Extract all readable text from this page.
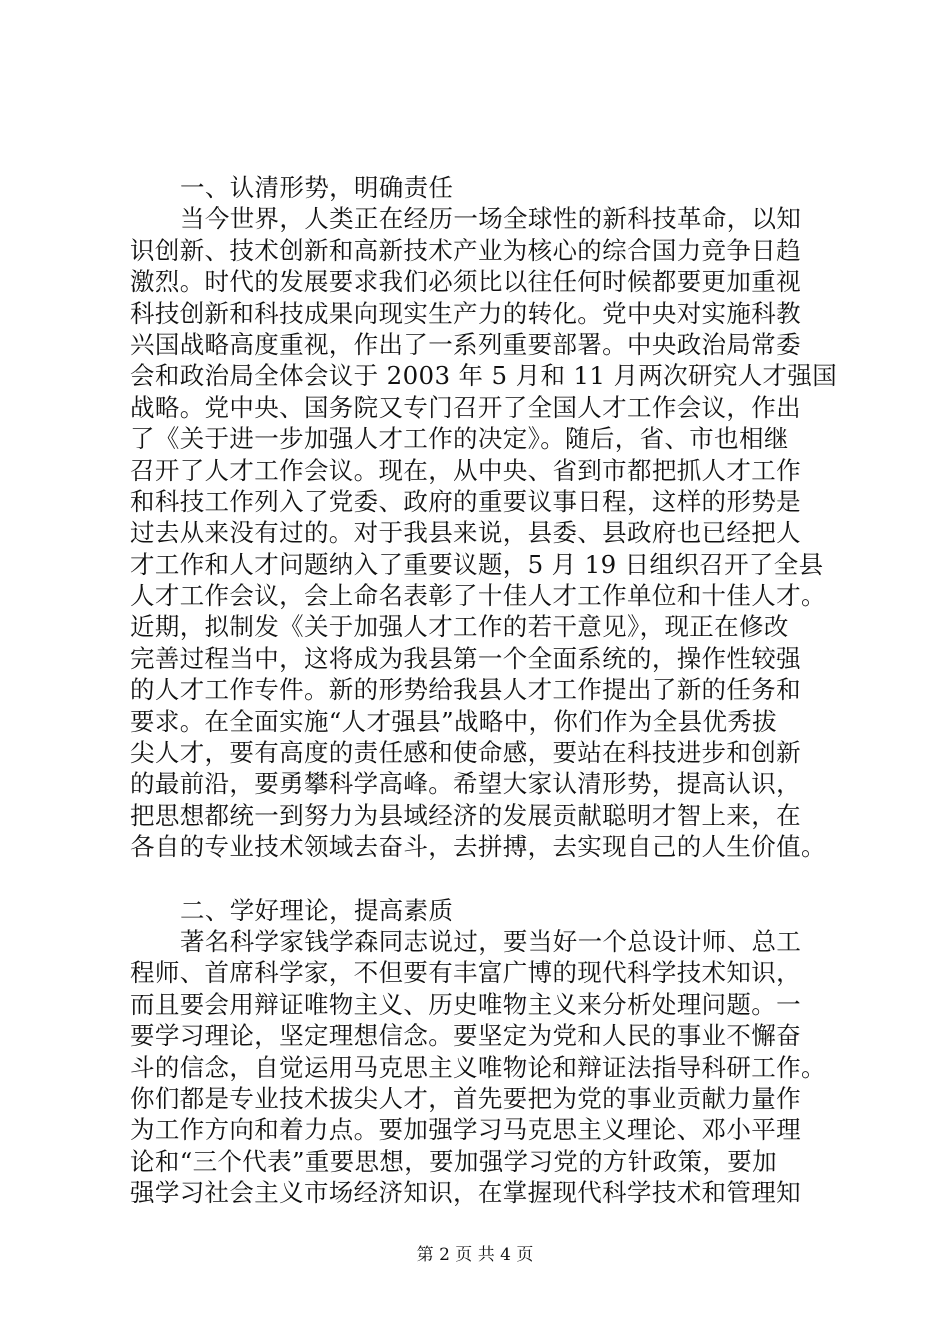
一、认清形势，明确责任
当今世界，人类正在经历一场全球性的新科技革命，以知
识创新、技术创新和高新技术产业为核心的综合国力竞争日趋
激烈。时代的发展要求我们必须比以往任何时候都要更加重视
科技创新和科技成果向现实生产力的转化。党中央对实施科教
兴国战略高度重视，作出了一系列重要部署。中央政治局常委
会和政治局全体会议于 2003 年 5 月和 11 月两次研究人才强国
战略。党中央、国务院又专门召开了全国人才工作会议，作出
了《关于进一步加强人才工作的决定》。随后，省、市也相继
召开了人才工作会议。现在，从中央、省到市都把抓人才工作
和科技工作列入了党委、政府的重要议事日程，这样的形势是
过去从来没有过的。对于我县来说，县委、县政府也已经把人
才工作和人才问题纳入了重要议题，5 月 19 日组织召开了全县
人才工作会议，会上命名表彰了十佳人才工作单位和十佳人才。
近期，拟制发《关于加强人才工作的若干意见》，现正在修改
完善过程当中，这将成为我县第一个全面系统的，操作性较强
的人才工作专件。新的形势给我县人才工作提出了新的任务和
要求。在全面实施“人才强县”战略中，你们作为全县优秀拔
尖人才，要有高度的责任感和使命感，要站在科技进步和创新
的最前沿，要勇攀科学高峰。希望大家认清形势，提高认识，
把思想都统一到努力为县域经济的发展贡献聪明才智上来，在
各自的专业技术领域去奋斗，去拼搏，去实现自己的人生价值。
二、学好理论，提高素质
著名科学家钱学森同志说过，要当好一个总设计师、总工
程师、首席科学家，不但要有丰富广博的现代科学技术知识，
而且要会用辩证唯物主义、历史唯物主义来分析处理问题。一
要学习理论，坚定理想信念。要坚定为党和人民的事业不懈奋
斗的信念，自觉运用马克思主义唯物论和辩证法指导科研工作。
你们都是专业技术拔尖人才，首先要把为党的事业贡献力量作
为工作方向和着力点。要加强学习马克思主义理论、邓小平理
论和“三个代表”重要思想，要加强学习党的方针政策，要加
强学习社会主义市场经济知识，在掌握现代科学技术和管理知
第 2 页 共 4 页
